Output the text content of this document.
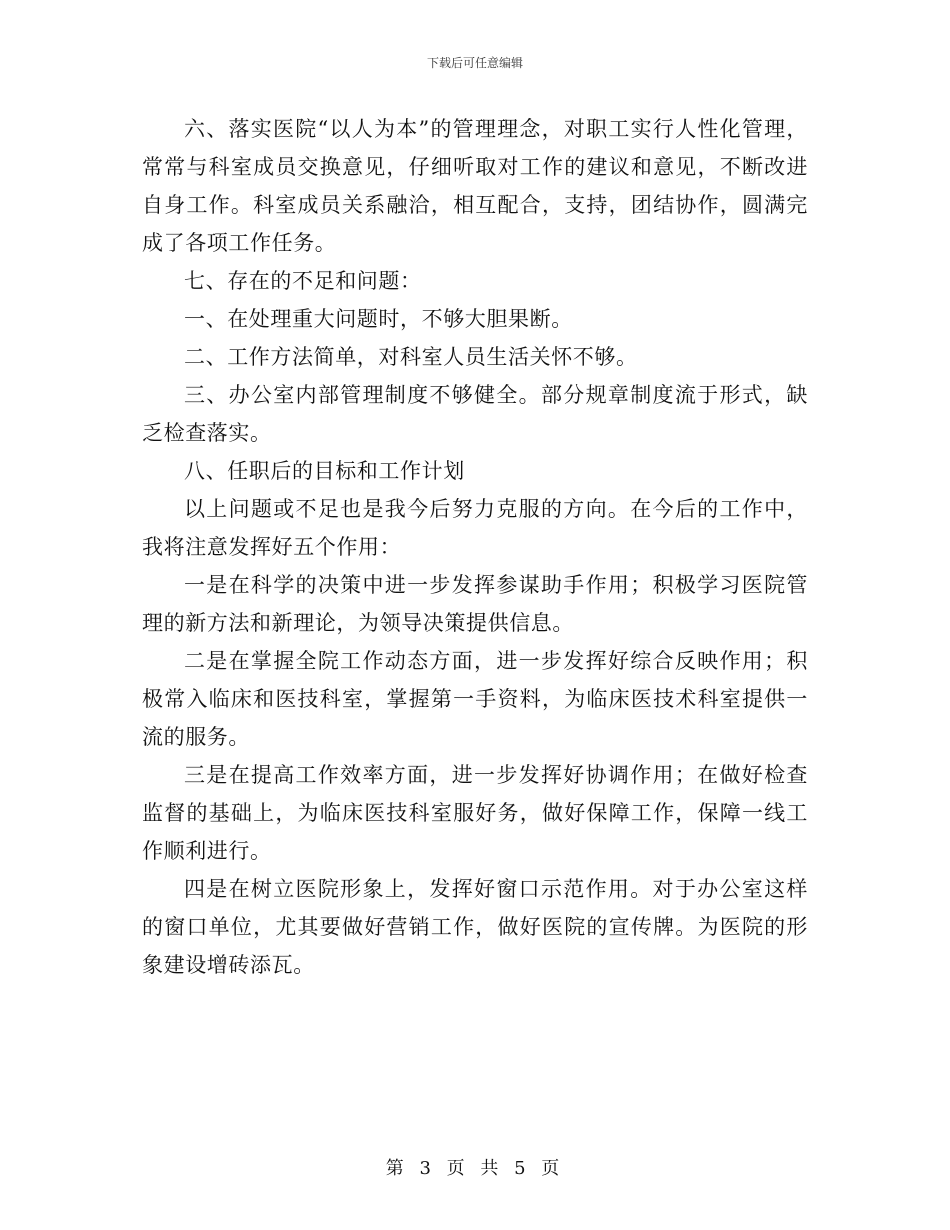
下载后可任意编辑

六、落实医院“以人为本”的管理理念，对职工实行人性化管理，常常与科室成员交换意见，仔细听取对工作的建议和意见，不断改进自身工作。科室成员关系融洽，相互配合，支持，团结协作，圆满完成了各项工作任务。

七、存在的不足和问题：

一、在处理重大问题时，不够大胆果断。

二、工作方法简单，对科室人员生活关怀不够。

三、办公室内部管理制度不够健全。部分规章制度流于形式，缺乏检查落实。

八、任职后的目标和工作计划

以上问题或不足也是我今后努力克服的方向。在今后的工作中，我将注意发挥好五个作用：

一是在科学的决策中进一步发挥参谋助手作用；积极学习医院管理的新方法和新理论，为领导决策提供信息。

二是在掌握全院工作动态方面，进一步发挥好综合反映作用；积极常入临床和医技科室，掌握第一手资料，为临床医技术科室提供一流的服务。

三是在提高工作效率方面，进一步发挥好协调作用；在做好检查监督的基础上，为临床医技科室服好务，做好保障工作，保障一线工作顺利进行。

四是在树立医院形象上，发挥好窗口示范作用。对于办公室这样的窗口单位，尤其要做好营销工作，做好医院的宣传牌。为医院的形象建设增砖添瓦。

第 3 页 共 5 页
